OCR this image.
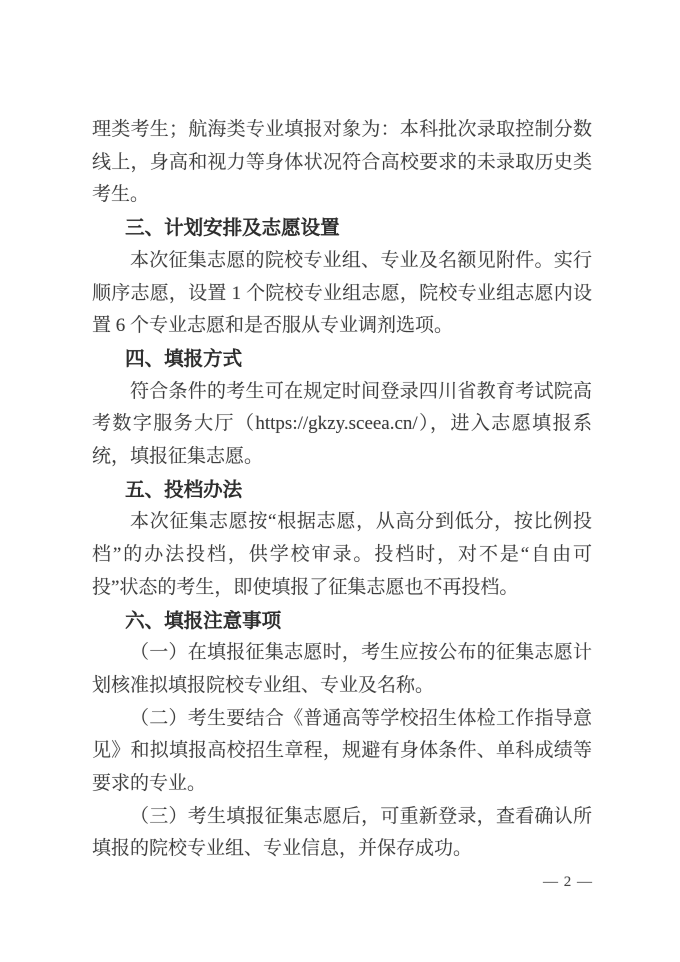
理类考生；航海类专业填报对象为：本科批次录取控制分数线上，身高和视力等身体状况符合高校要求的未录取历史类考生。

三、计划安排及志愿设置

本次征集志愿的院校专业组、专业及名额见附件。实行顺序志愿，设置 1 个院校专业组志愿，院校专业组志愿内设置 6 个专业志愿和是否服从专业调剂选项。

四、填报方式

符合条件的考生可在规定时间登录四川省教育考试院高考数字服务大厅（https://gkzy.sceea.cn/），进入志愿填报系统，填报征集志愿。

五、投档办法

本次征集志愿按“根据志愿，从高分到低分，按比例投档”的办法投档，供学校审录。投档时，对不是“自由可投”状态的考生，即使填报了征集志愿也不再投档。

六、填报注意事项

（一）在填报征集志愿时，考生应按公布的征集志愿计划核准拟填报院校专业组、专业及名称。

（二）考生要结合《普通高等学校招生体检工作指导意见》和拟填报高校招生章程，规避有身体条件、单科成绩等要求的专业。

（三）考生填报征集志愿后，可重新登录，查看确认所填报的院校专业组、专业信息，并保存成功。

— 2 —
